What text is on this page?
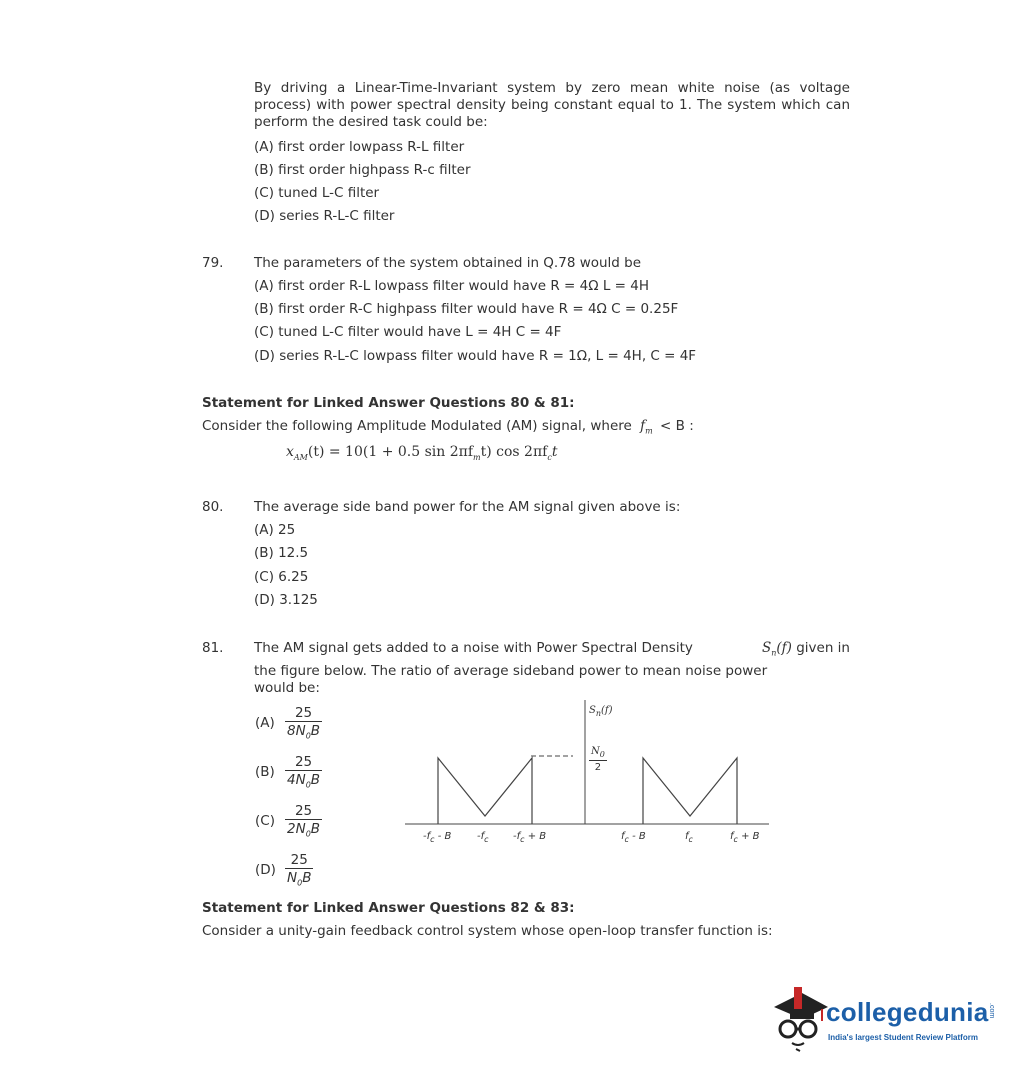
By driving a Linear-Time-Invariant system by zero mean white noise (as voltage process) with power spectral density being constant equal to 1. The system which can perform the desired task could be:
(A) first order lowpass R-L filter
(B) first order highpass R-c filter
(C) tuned L-C filter
(D) series R-L-C filter
79. The parameters of the system obtained in Q.78 would be
(A) first order R-L lowpass filter would have R = 4Ω L = 4H
(B) first order R-C highpass filter would have R = 4Ω C = 0.25F
(C) tuned L-C filter would have L = 4H C = 4F
(D) series R-L-C lowpass filter would have R = 1Ω, L = 4H, C = 4F
Statement for Linked Answer Questions 80 & 81:
Consider the following Amplitude Modulated (AM) signal, where $f_m < B$ :
$x_{AM}(t) = 10(1 + 0.5$ $\sin 2\pi f_mt$) $\cos 2\pi f_ct$
80. The average side band power for the AM signal given above is:
(A) 25
(B) 12.5
(C) 6.25
(D) 3.125
81. The AM signal gets added to a noise with Power Spectral Density	$S_n(f)$ given in
the figure below. The ratio of average sideband power to mean noise power
would be:
$(A) \frac{25}{8N_0B}$
$(B) \frac{25}{4N_0B}$
$(C) \frac{25}{2N_0B}$
$(D) \frac{25}{N_0B}$
$S_n(f)$
$\frac{N_0}{2}$
$-f_c$ - B	$-f_c$ $-f_c + B$	$f_c$ - B	$f_c$	$f_c + B$
Statement for Linked Answer Questions 82 & 83:
Consider a unity-gain feedback control system whose open-loop transfer function is:
collegedunia .com
India's largest Student Review Platform
